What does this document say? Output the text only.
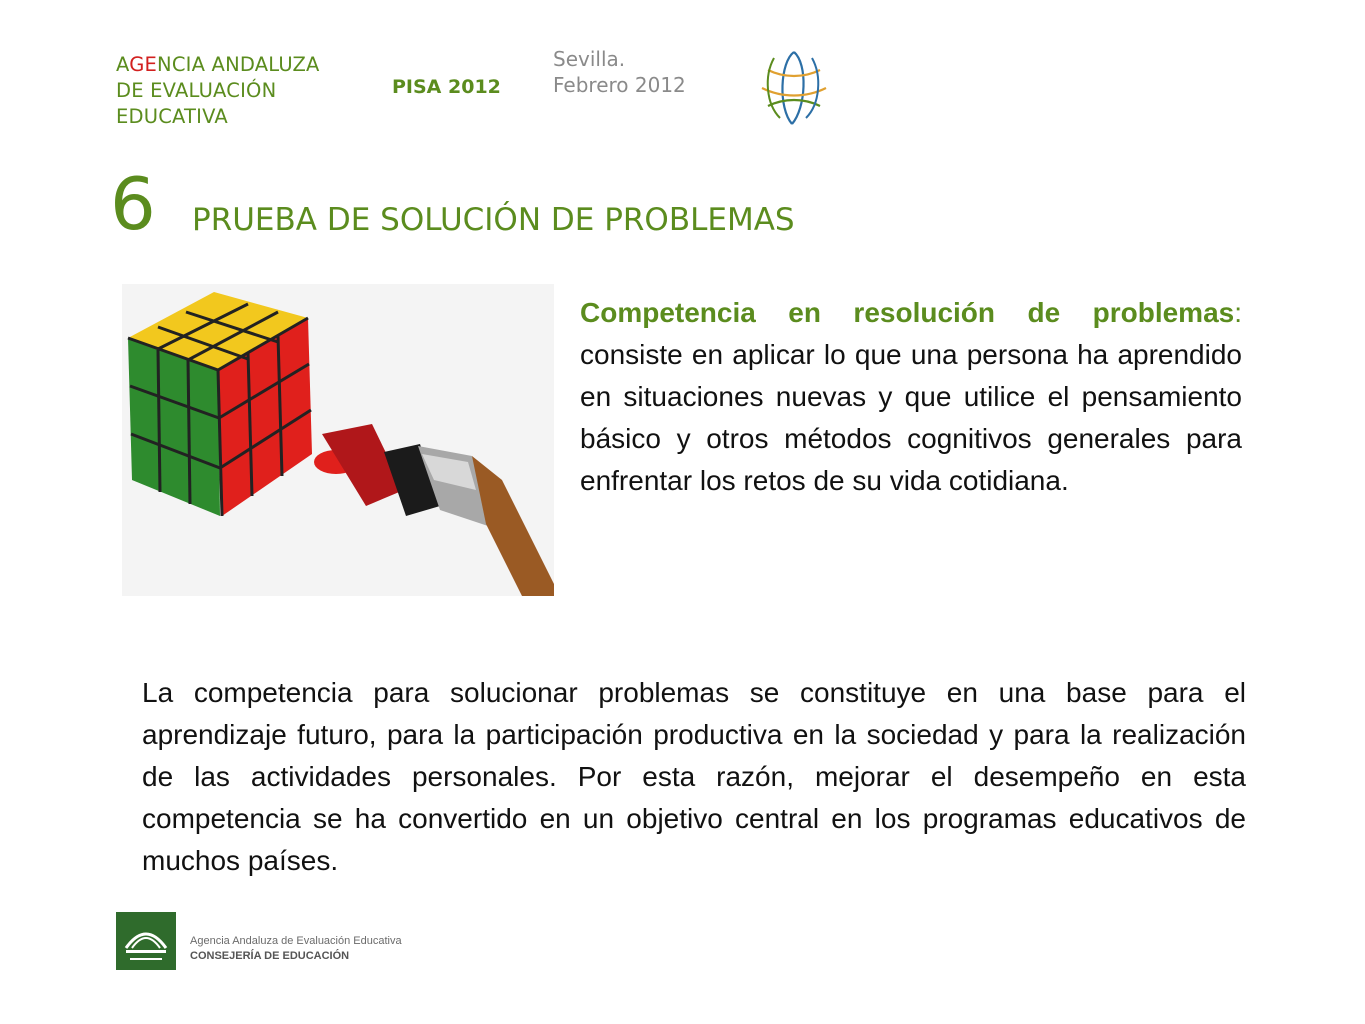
AGENCIA ANDALUZA
DE EVALUACIÓN
EDUCATIVA
PISA 2012
Sevilla.
Febrero 2012
6 PRUEBA DE SOLUCIÓN DE PROBLEMAS

Competencia en resolución de problemas: consiste en aplicar lo que una persona ha aprendido en situaciones nuevas y que utilice el pensamiento básico y otros métodos cognitivos generales para enfrentar los retos de su vida cotidiana.

La competencia para solucionar problemas se constituye en una base para el aprendizaje futuro, para la participación productiva en la sociedad y para la realización de las actividades personales. Por esta razón, mejorar el desempeño en esta competencia se ha convertido en un objetivo central en los programas educativos de muchos países.

Agencia Andaluza de Evaluación Educativa
CONSEJERÍA DE EDUCACIÓN
